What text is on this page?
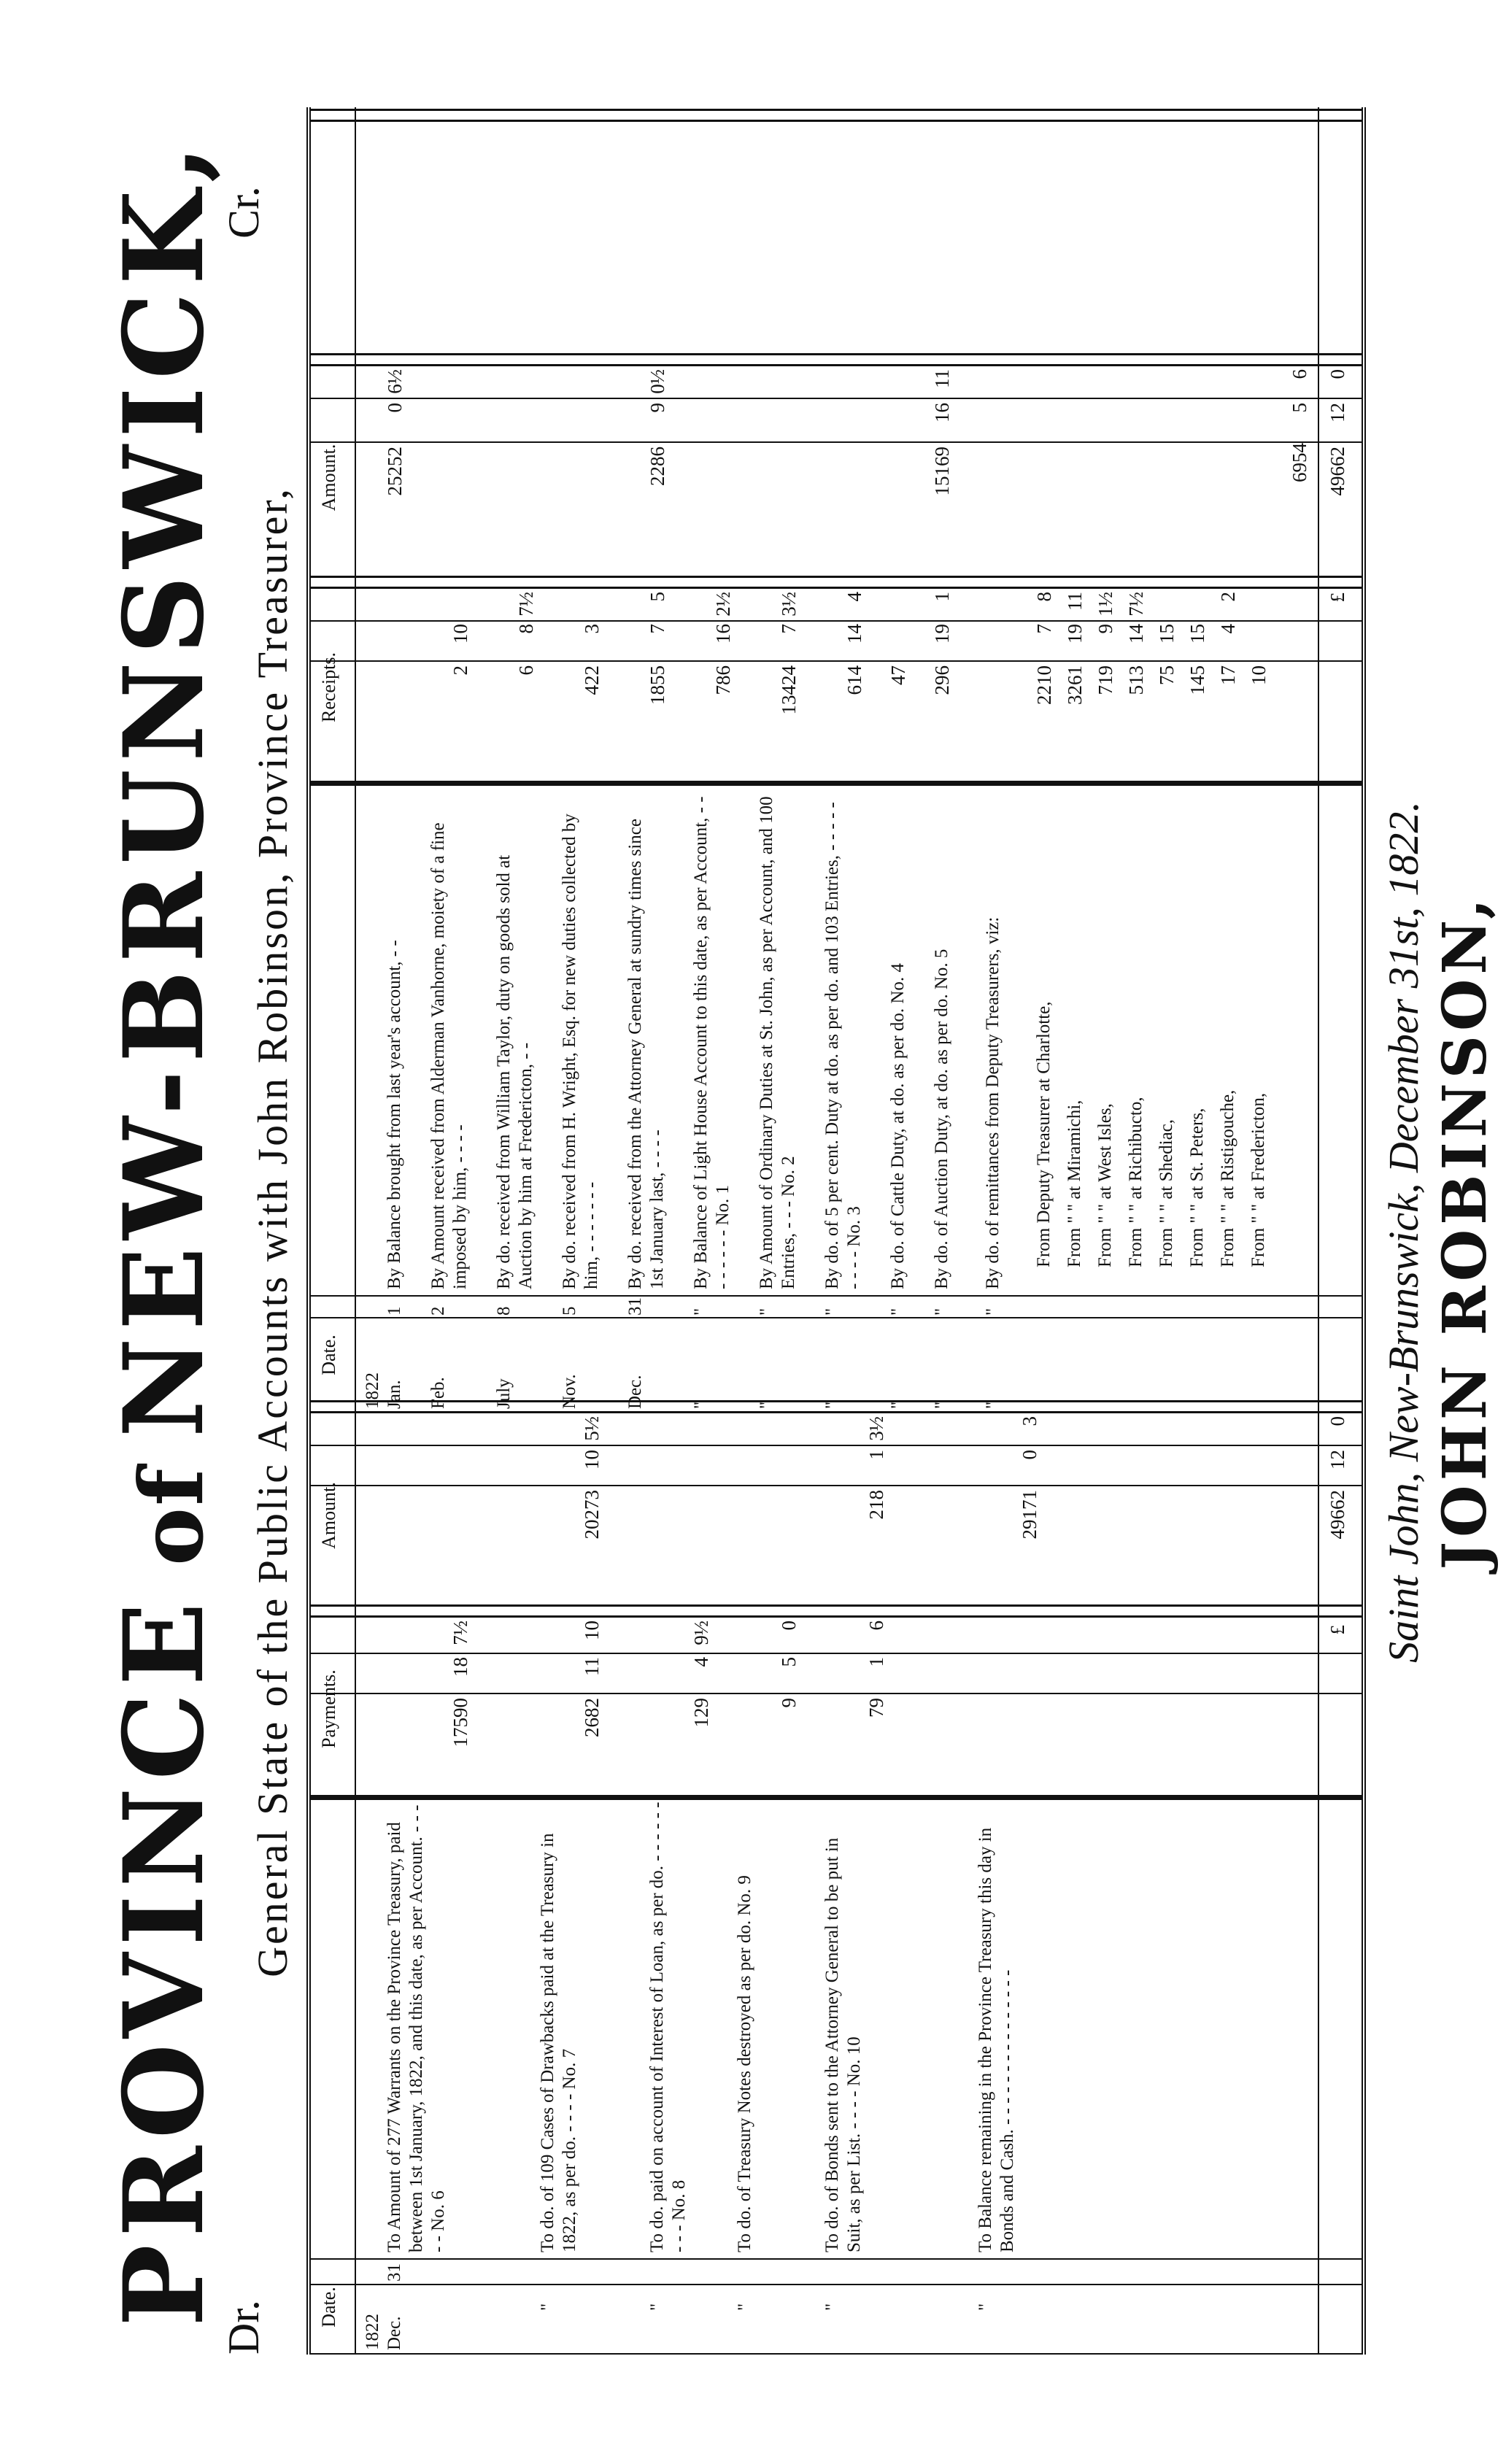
Dr.
Cr.
PROVINCEofNEW-BRUNSWICK, General State of the Public Accounts with John Robinson, Province Treasurer,
Date.
Payments.
Amount.
Date.
Receipts.
Amount.
1822 Dec.
31
To Amount of 277 Warrants on the Province Treasury, paid between 1st January, 1822, and this date, as per Account. - - - - - No. 6
17590
18
7½
"
To do. of 109 Cases of Drawbacks paid at the Treasury in 1822, as per do. - - - - No. 7
2682
11
10
20273
10
5½
"
To do. paid on account of Interest of Loan, as per do. - - - - - - - - - No. 8
129
4
9½
"
To do. of Treasury Notes destroyed as per do. No. 9
9
5
0
"
To do. of Bonds sent to the Attorney General to be put in Suit, as per List. - - - - No. 10
79
1
6
218
1
3½
"
To Balance remaining in the Province Treasury this day in Bonds and Cash. - - - - - - - - - - - - - - -
29171
0
3
1822 Jan.
1
By Balance brought from last year's account, - -
25252
0
6½
Feb.
2
By Amount received from Alderman Vanhorne, moiety of a fine imposed by him, - - - -
2
10
July
8
By do. received from William Taylor, duty on goods sold at Auction by him at Fredericton, - -
6
8
7½
Nov.
5
By do. received from H. Wright, Esq. for new duties collected by him, - - - - - - -
422
3
Dec.
31
By do. received from the Attorney General at sundry times since 1st January last, - - - -
1855
7
5
2286
9
0½
"
"
By Balance of Light House Account to this date, as per Account, - - - - - - - - No. 1
786
16
2½
"
"
By Amount of Ordinary Duties at St. John, as per Account, and 100 Entries, - - - No. 2
13424
7
3½
"
"
By do. of 5 per cent. Duty at do. as per do. and 103 Entries, - - - - - - - - - No. 3
614
14
4
"
"
By do. of Cattle Duty, at do. as per do. No. 4
47
"
"
By do. of Auction Duty, at do. as per do. No. 5
296
19
1
15169
16
11
"
"
By do. of remittances from Deputy Treasurers, viz: From Deputy Treasurer at Charlotte,
2210
7
8
From " " at Miramichi,
3261
19
11
From " " at West Isles,
719
9
1½
From " " at Richibucto,
513
14
7½
From " " at Shediac,
75
15
From " " at St. Peters,
145
15
From " " at Ristigouche,
17
4
2
From " " at Fredericton,
10
6954
5
6
£
49662
12
0
£
49662
12
0
Saint John, New-Brunswick, December 31st, 1822. JOHN ROBINSON,
